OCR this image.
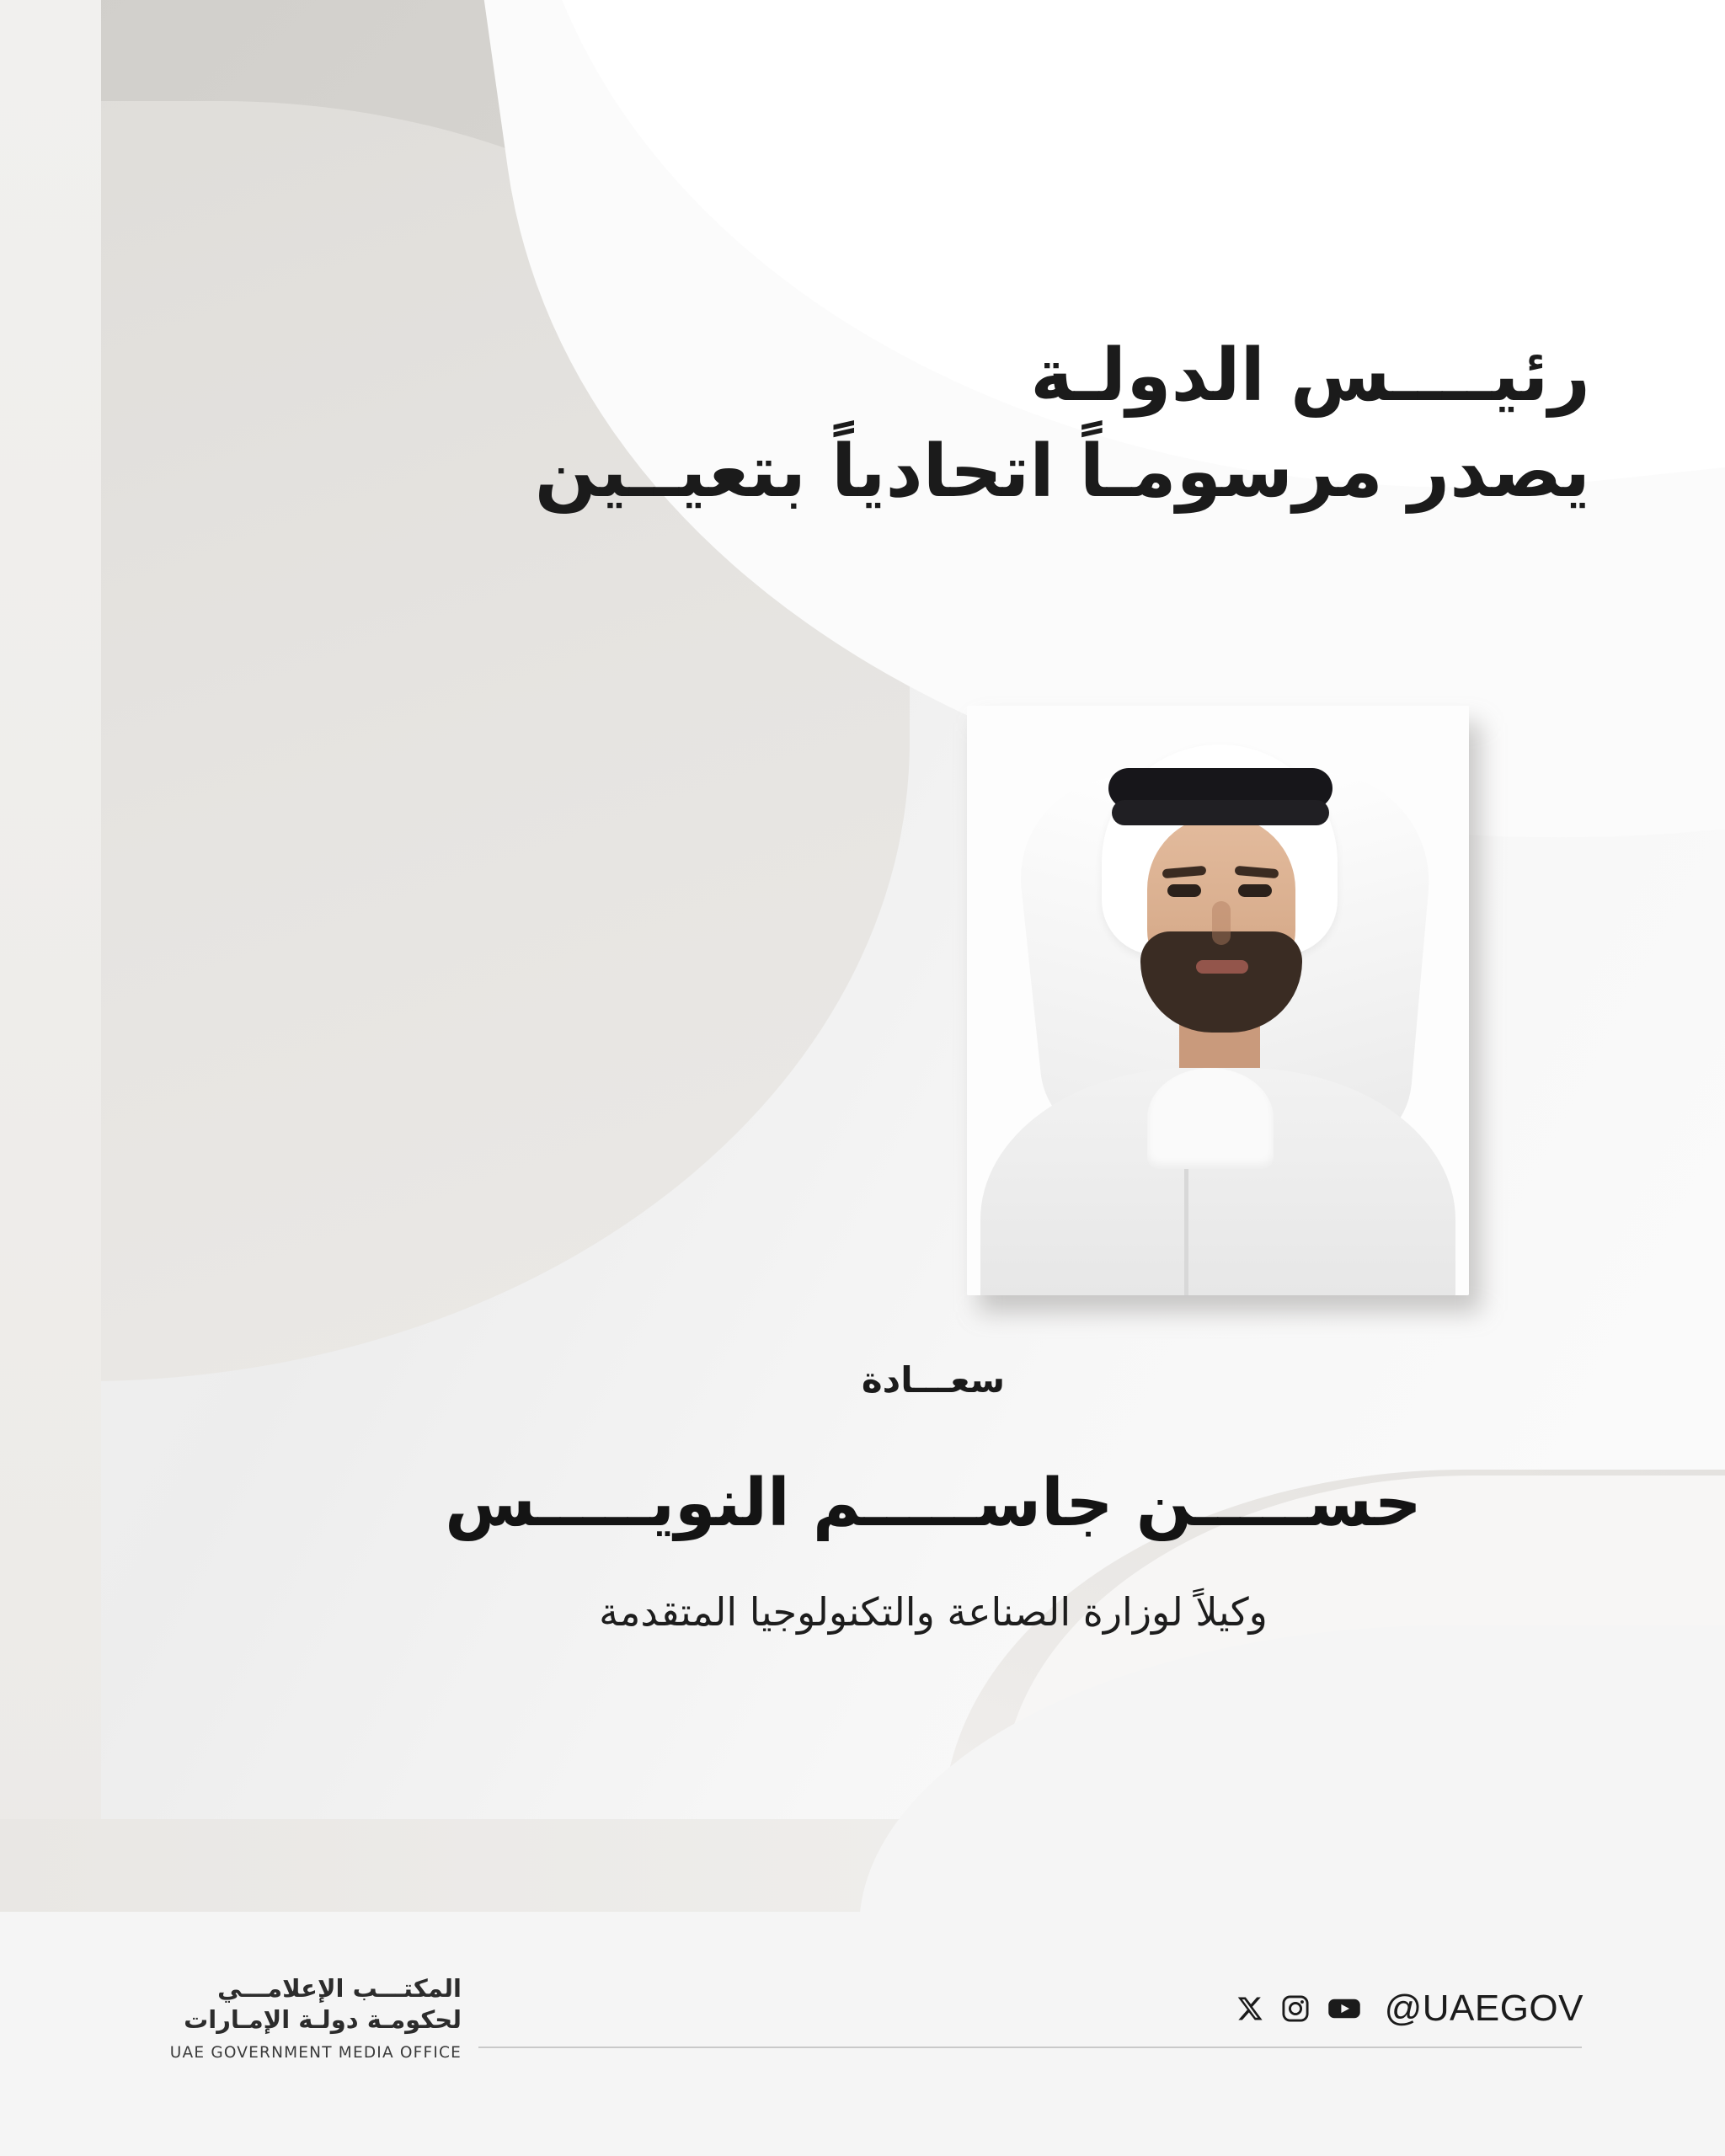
رئيــــس الدولـة
يصدر مرسومـاً اتحادياً بتعيــين
سعـــادة
حســـــن جاســـــم النويـــــس
وكيلاً لوزارة الصناعة والتكنولوجيا المتقدمة
المكتـــب الإعلامـــي
لحكومـة دولـة الإمـارات
UAE GOVERNMENT MEDIA OFFICE
@UAEGOV
